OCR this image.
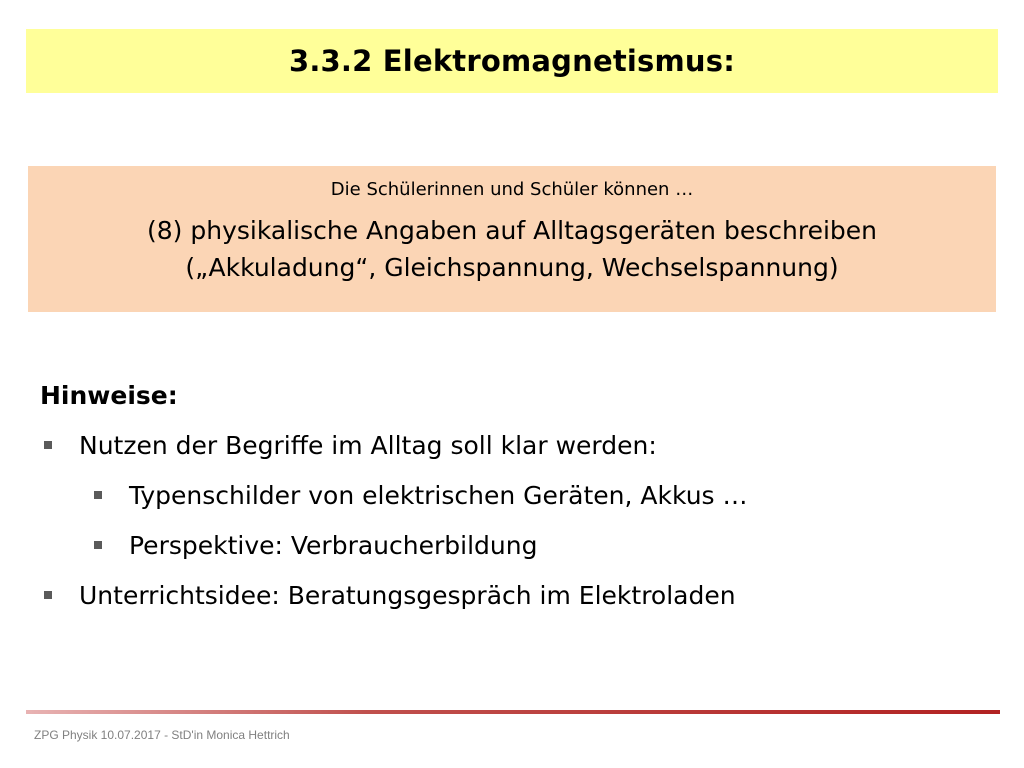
3.3.2 Elektromagnetismus:
Die Schülerinnen und Schüler können …
(8) physikalische Angaben auf Alltagsgeräten beschreiben
(„Akkuladung“, Gleichspannung, Wechselspannung)
Hinweise:
Nutzen der Begriffe im Alltag soll klar werden:
Typenschilder von elektrischen Geräten, Akkus …
Perspektive: Verbraucherbildung
Unterrichtsidee: Beratungsgespräch im Elektroladen
ZPG Physik 10.07.2017 - StD'in Monica Hettrich
